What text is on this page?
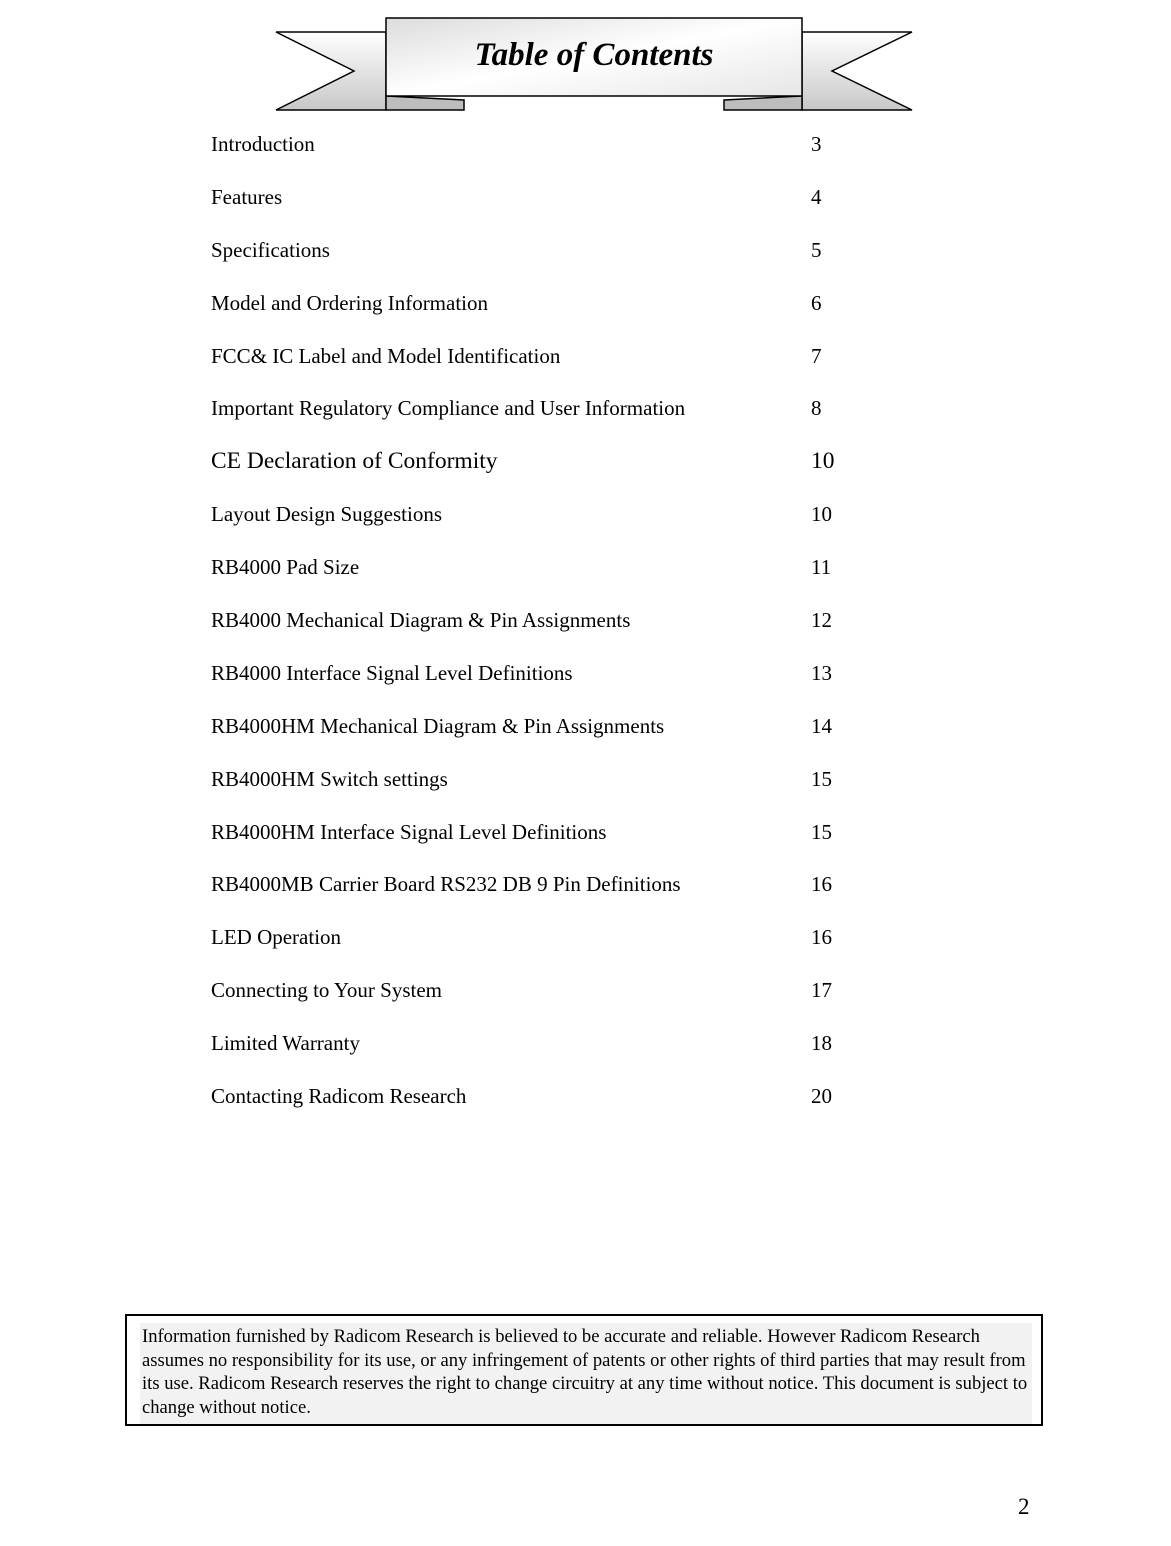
Table of Contents
Introduction	3
Features	4
Specifications	5
Model and Ordering Information	6
FCC& IC Label and Model Identification	7
Important Regulatory Compliance and User Information	8
CE Declaration of Conformity	10
Layout Design Suggestions	10
RB4000 Pad Size	11
RB4000 Mechanical Diagram & Pin Assignments	12
RB4000 Interface Signal Level Definitions	13
RB4000HM Mechanical Diagram & Pin Assignments	14
RB4000HM Switch settings	15
RB4000HM Interface Signal Level Definitions	15
RB4000MB Carrier Board RS232 DB 9 Pin Definitions	16
LED Operation	16
Connecting to Your System	17
Limited Warranty	18
Contacting Radicom Research	20
Information furnished by Radicom Research is believed to be accurate and reliable. However Radicom Research assumes no responsibility for its use, or any infringement of patents or other rights of third parties that may result from its use. Radicom Research reserves the right to change circuitry at any time without notice. This document is subject to change without notice.
2
